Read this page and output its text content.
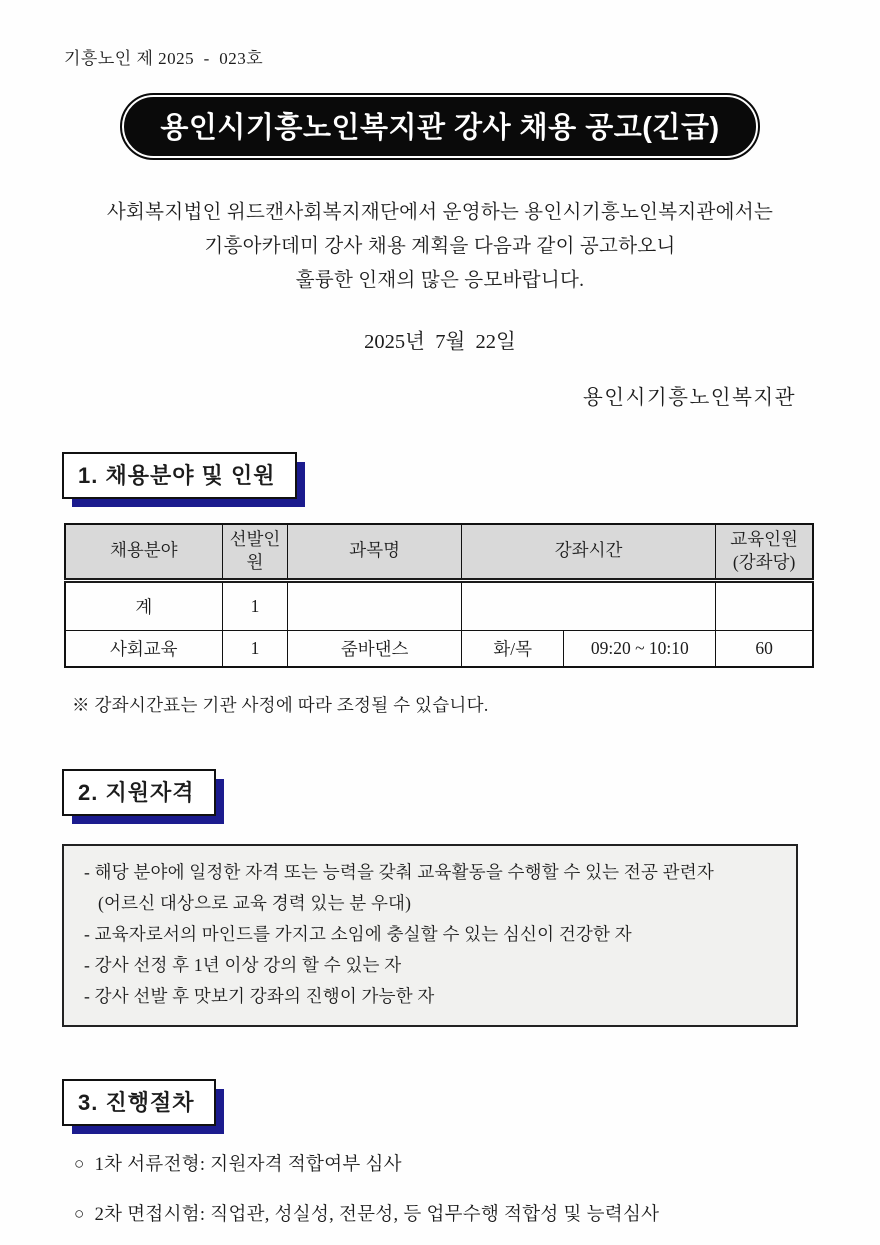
기흥노인 제 2025  -  023호
용인시기흥노인복지관 강사 채용 공고(긴급)
사회복지법인 위드캔사회복지재단에서 운영하는 용인시기흥노인복지관에서는
기흥아카데미 강사 채용 계획을 다음과 같이 공고하오니
훌륭한 인재의 많은 응모바랍니다.
2025년  7월  22일
용인시기흥노인복지관
1. 채용분야 및 인원
채용분야	선발인원	과목명	강좌시간		교육인원
(강좌당)

계	1				
사회교육	1	줌바댄스	화/목	09:20 ~ 10:10	60
※ 강좌시간표는 기관 사정에 따라 조정될 수 있습니다.
2. 지원자격
- 해당 분야에 일정한 자격 또는 능력을 갖춰 교육활동을 수행할 수 있는 전공 관련자
(어르신 대상으로 교육 경력 있는 분 우대)
- 교육자로서의 마인드를 가지고 소임에 충실할 수 있는 심신이 건강한 자
- 강사 선정 후 1년 이상 강의 할 수 있는 자
- 강사 선발 후 맛보기 강좌의 진행이 가능한 자
3. 진행절차
○ 1차 서류전형: 지원자격 적합여부 심사
○ 2차 면접시험: 직업관, 성실성, 전문성, 등 업무수행 적합성 및 능력심사
